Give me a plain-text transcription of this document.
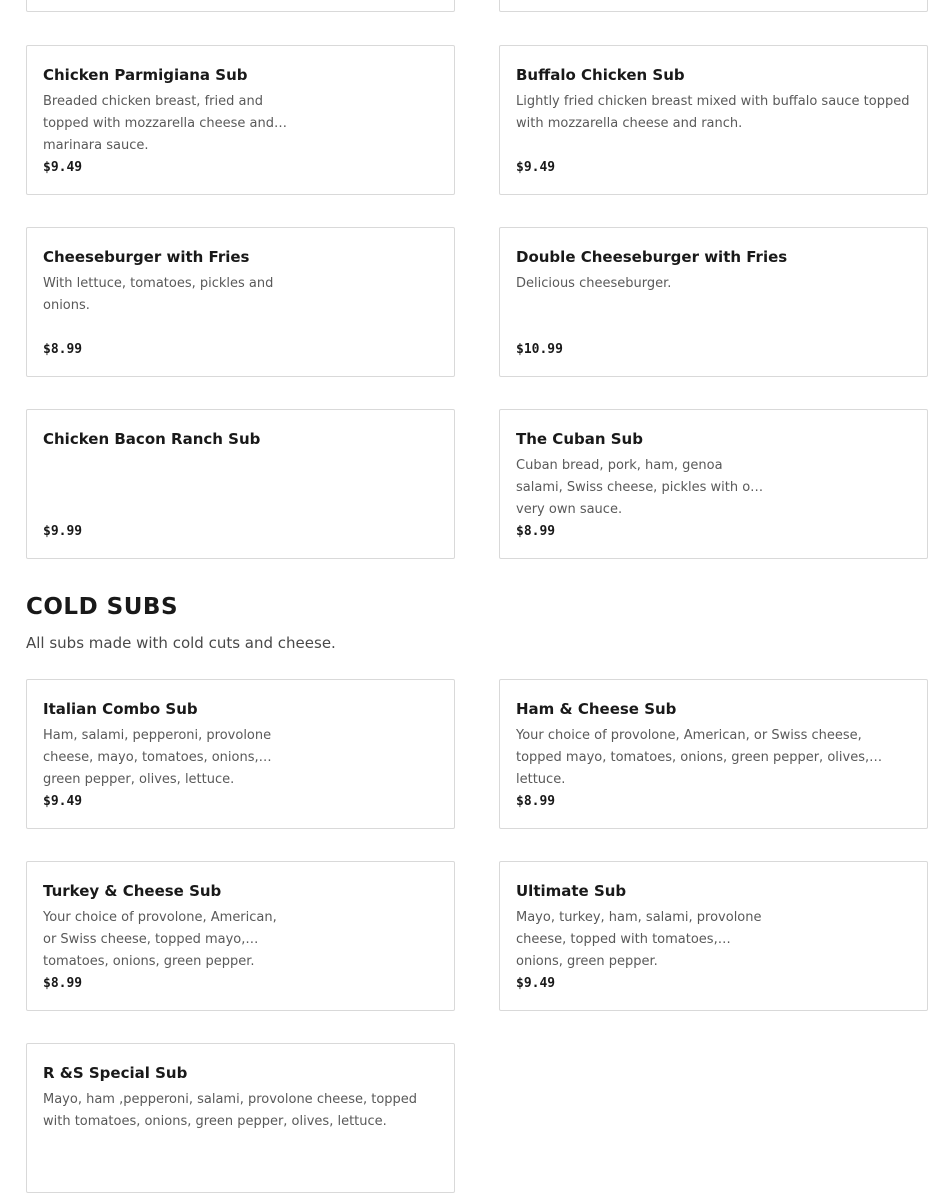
Chicken Parmigiana Sub
Breaded chicken breast, fried and topped with mozzarella cheese and marinara sauce.
$9.49
Buffalo Chicken Sub
Lightly fried chicken breast mixed with buffalo sauce topped with mozzarella cheese and ranch.
$9.49
Cheeseburger with Fries
With lettuce, tomatoes, pickles and onions.
$8.99
Double Cheeseburger with Fries
Delicious cheeseburger.
$10.99
Chicken Bacon Ranch Sub
$9.99
The Cuban Sub
Cuban bread, pork, ham, genoa salami, Swiss cheese, pickles with our very own sauce.
$8.99
COLD SUBS

All subs made with cold cuts and cheese.

Italian Combo Sub
Ham, salami, pepperoni, provolone cheese, mayo, tomatoes, onions, green pepper, olives, lettuce.
$9.49
Ham & Cheese Sub
Your choice of provolone, American, or Swiss cheese, topped mayo, tomatoes, onions, green pepper, olives, lettuce.
$8.99
Turkey & Cheese Sub
Your choice of provolone, American, or Swiss cheese, topped mayo, tomatoes, onions, green pepper.
$8.99
Ultimate Sub
Mayo, turkey, ham, salami, provolone cheese, topped with tomatoes, onions, green pepper.
$9.49
R &S Special Sub
Mayo, ham ,pepperoni, salami, provolone cheese, topped with tomatoes, onions, green pepper, olives, lettuce.
